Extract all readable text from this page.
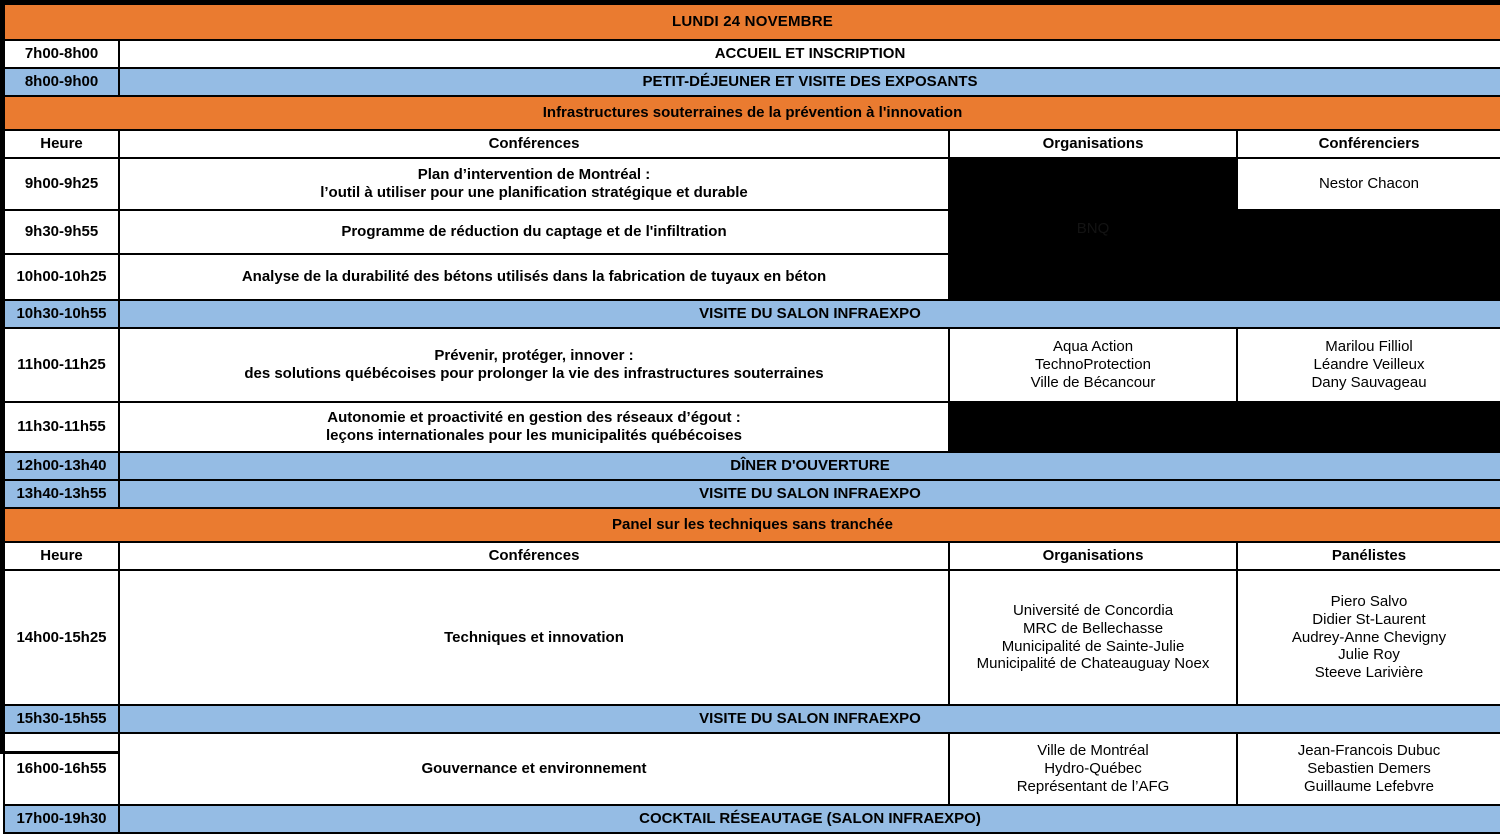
LUNDI 24 NOVEMBRE			
7h00-8h00	ACCUEIL ET INSCRIPTION		
8h00-9h00	PETIT-DÉJEUNER ET VISITE DES EXPOSANTS		
Infrastructures souterraines de la prévention à l'innovation			
Heure	Conférences	Organisations	Conférenciers
9h00-9h25	Plan d’intervention de Montréal :
l’outil à utiliser pour une planification stratégique et durable	BNQ	Nestor Chacon
9h30-9h55	Programme de réduction du captage et de l'infiltration		

10h00-10h25	Analyse de la durabilité des bétons utilisés dans la fabrication de tuyaux en béton		

10h30-10h55	VISITE DU SALON INFRAEXPO		
11h00-11h25	Prévenir, protéger, innover :
des solutions québécoises pour prolonger la vie des infrastructures souterraines	Aqua Action
TechnoProtection
Ville de Bécancour	Marilou Filliol
Léandre Veilleux
Dany Sauvageau

11h30-11h55	Autonomie et proactivité en gestion des réseaux d’égout :
leçons internationales pour les municipalités québécoises		

12h00-13h40	DÎNER D'OUVERTURE		
13h40-13h55	VISITE DU SALON INFRAEXPO		
Panel sur les techniques sans tranchée			
Heure	Conférences	Organisations	Panélistes
14h00-15h25	Techniques et innovation	Université de Concordia
MRC de Bellechasse
Municipalité de Sainte-Julie
Municipalité de Chateauguay Noex	Piero Salvo
Didier St-Laurent
Audrey-Anne Chevigny
Julie Roy
Steeve Larivière

15h30-15h55	VISITE DU SALON INFRAEXPO		
16h00-16h55	Gouvernance et environnement	Ville de Montréal
Hydro-Québec
Représentant de l’AFG	Jean-Francois Dubuc
Sebastien Demers
Guillaume Lefebvre

17h00-19h30	COCKTAIL RÉSEAUTAGE (SALON INFRAEXPO)		
